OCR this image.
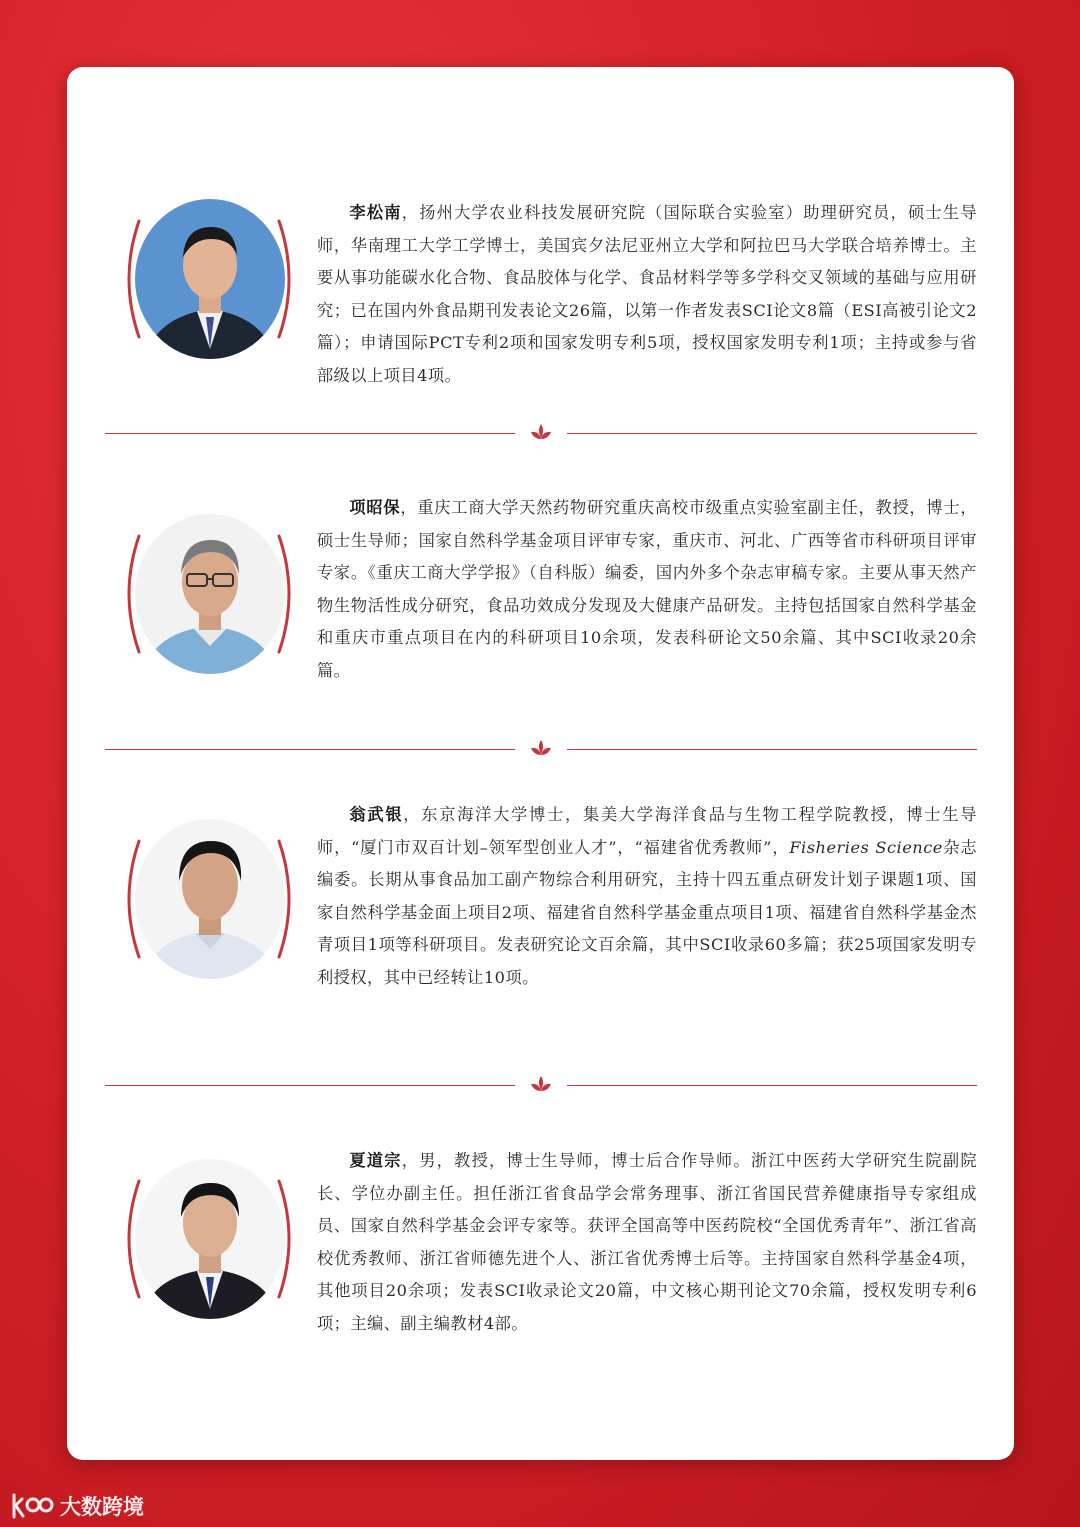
李松南，扬州大学农业科技发展研究院（国际联合实验室）助理研究员，硕士生导师，华南理工大学工学博士，美国宾夕法尼亚州立大学和阿拉巴马大学联合培养博士。主要从事功能碳水化合物、食品胶体与化学、食品材料学等多学科交叉领域的基础与应用研究；已在国内外食品期刊发表论文26篇，以第一作者发表SCI论文8篇（ESI高被引论文2篇）；申请国际PCT专利2项和国家发明专利5项，授权国家发明专利1项；主持或参与省部级以上项目4项。

项昭保，重庆工商大学天然药物研究重庆高校市级重点实验室副主任，教授，博士，硕士生导师；国家自然科学基金项目评审专家，重庆市、河北、广西等省市科研项目评审专家。《重庆工商大学学报》（自科版）编委，国内外多个杂志审稿专家。主要从事天然产物生物活性成分研究，食品功效成分发现及大健康产品研发。主持包括国家自然科学基金和重庆市重点项目在内的科研项目10余项，发表科研论文50余篇、其中SCI收录20余篇。

翁武银，东京海洋大学博士，集美大学海洋食品与生物工程学院教授，博士生导师，“厦门市双百计划–领军型创业人才”，“福建省优秀教师”，Fisheries Science杂志编委。长期从事食品加工副产物综合利用研究，主持十四五重点研发计划子课题1项、国家自然科学基金面上项目2项、福建省自然科学基金重点项目1项、福建省自然科学基金杰青项目1项等科研项目。发表研究论文百余篇，其中SCI收录60多篇；获25项国家发明专利授权，其中已经转让10项。

夏道宗，男，教授，博士生导师，博士后合作导师。浙江中医药大学研究生院副院长、学位办副主任。担任浙江省食品学会常务理事、浙江省国民营养健康指导专家组成员、国家自然科学基金会评专家等。获评全国高等中医药院校“全国优秀青年”、浙江省高校优秀教师、浙江省师德先进个人、浙江省优秀博士后等。主持国家自然科学基金4项，其他项目20余项；发表SCI收录论文20篇，中文核心期刊论文70余篇，授权发明专利6项；主编、副主编教材4部。

大数跨境
